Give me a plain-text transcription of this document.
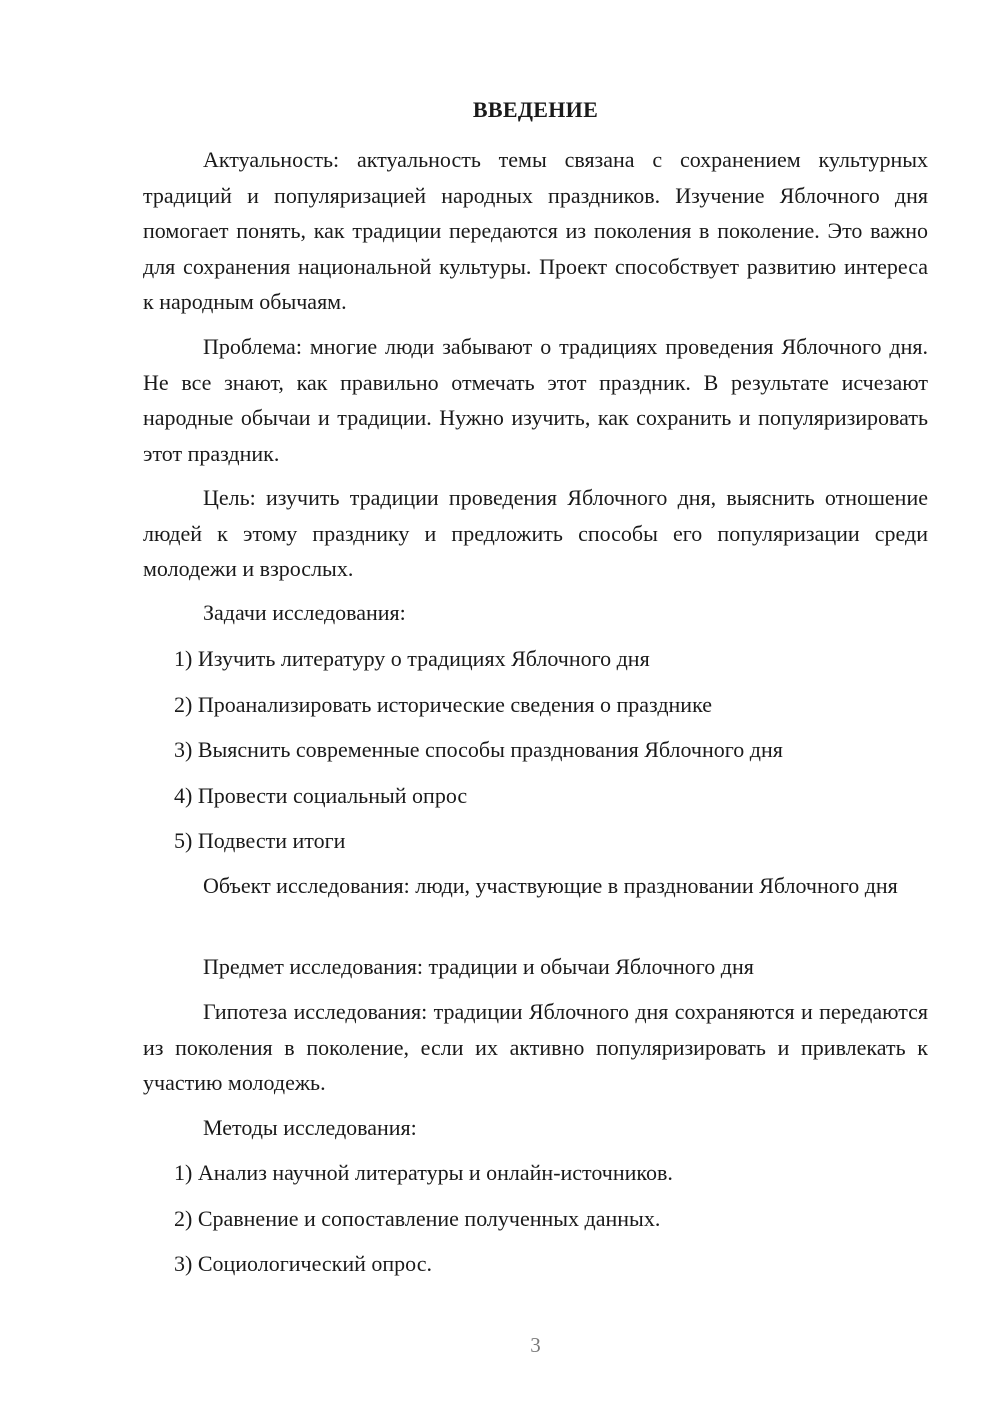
ВВЕДЕНИЕ

Актуальность: актуальность темы связана с сохранением культурных традиций и популяризацией народных праздников. Изучение Яблочного дня помогает понять, как традиции передаются из поколения в поколение. Это важно для сохранения национальной культуры. Проект способствует развитию интереса к народным обычаям.

Проблема: многие люди забывают о традициях проведения Яблочного дня. Не все знают, как правильно отмечать этот праздник. В результате исчезают народные обычаи и традиции. Нужно изучить, как сохранить и популяризировать этот праздник.

Цель: изучить традиции проведения Яблочного дня, выяснить отношение людей к этому празднику и предложить способы его популяризации среди молодежи и взрослых.

Задачи исследования:

1) Изучить литературу о традициях Яблочного дня

2) Проанализировать исторические сведения о празднике

3) Выяснить современные способы празднования Яблочного дня

4) Провести социальный опрос

5) Подвести итоги

Объект исследования: люди, участвующие в праздновании Яблочного дня

Предмет исследования: традиции и обычаи Яблочного дня

Гипотеза исследования: традиции Яблочного дня сохраняются и передаются из поколения в поколение, если их активно популяризировать и привлекать к участию молодежь.

Методы исследования:

1) Анализ научной литературы и онлайн-источников.

2) Сравнение и сопоставление полученных данных.

3) Социологический опрос.

3
